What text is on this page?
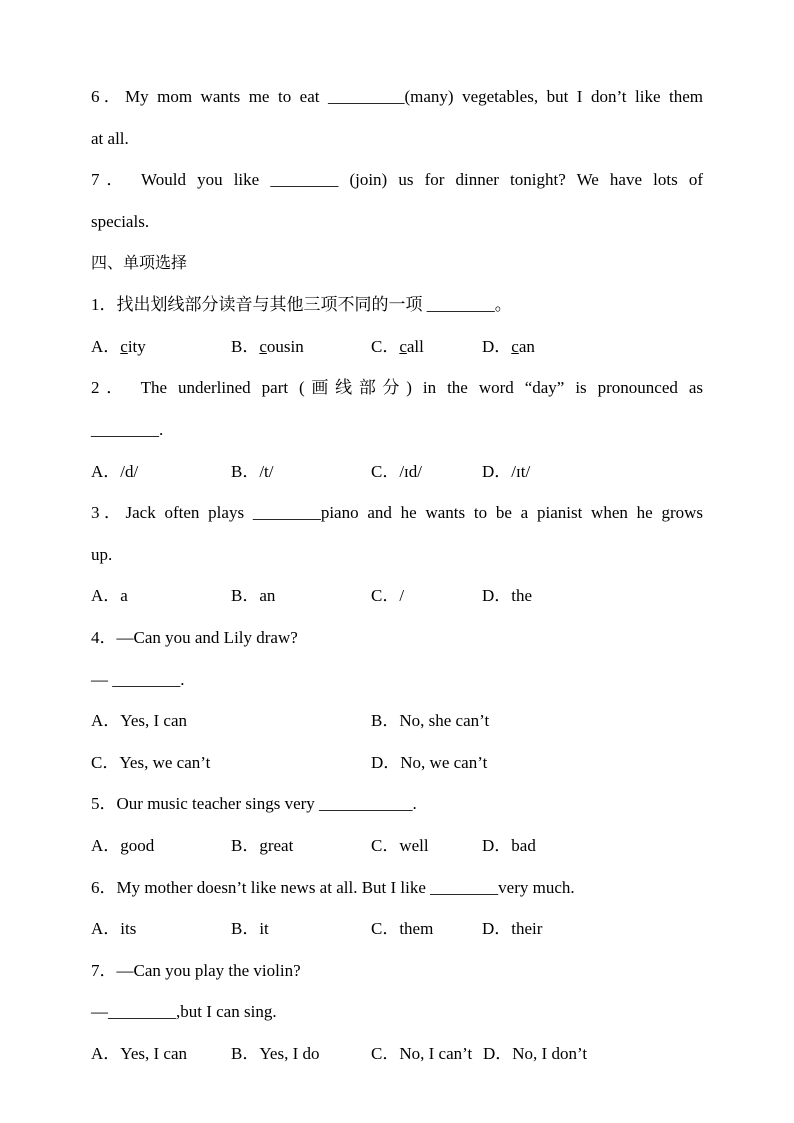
6．My mom wants me to eat _________(many) vegetables, but I don’t like them
at all.
7． Would you like ________ (join) us for dinner tonight? We have lots of
specials.
四、单项选择
1．找出划线部分读音与其他三项不同的一项 ________。
A．city	B．cousin	C．call	D．can
2． The underlined part (画线部分) in the word “day” is pronounced as
________.
A．/d/	B．/t/	C．/ɪd/	D．/ɪt/
3．Jack often plays ________piano and he wants to be a pianist when he grows
up.
A．a	B．an	C．/	D．the
4．—Can you and Lily draw?
— ________.
A．Yes, I can	B．No, she can’t
C．Yes, we can’t	D．No, we can’t
5．Our music teacher sings very ___________.
A．good	B．great	C．well	D．bad
6．My mother doesn’t like news at all. But I like ________very much.
A．its	B．it	C．them	D．their
7．—Can you play the violin?
—________,but I can sing.
A．Yes, I can	B．Yes, I do	C．No, I can’t D．No, I don’t
